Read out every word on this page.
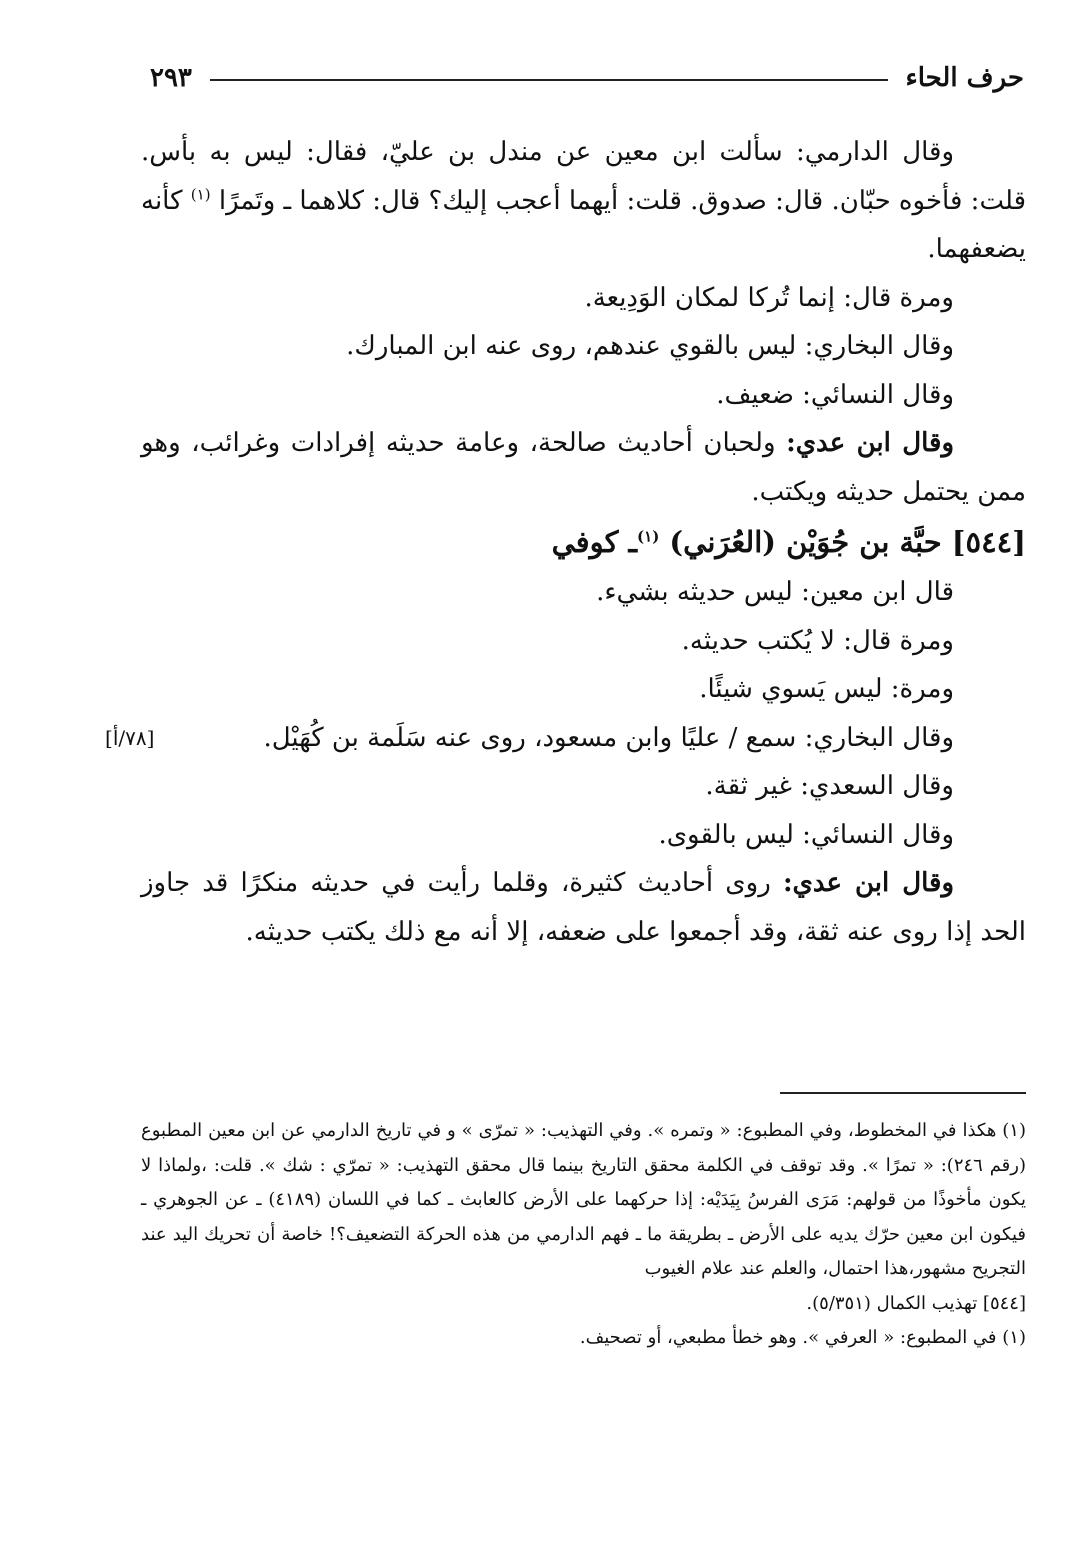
حرف الحاء
٢٩٣

وقال الدارمي: سألت ابن معين عن مندل بن عليّ، فقال: ليس به بأس. قلت: فأخوه حبّان. قال: صدوق. قلت: أيهما أعجب إليك؟ قال: كلاهما ـ وتَمرًا $^{(١)}$ كأنه يضعفهما.

ومرة قال: إنما تُركا لمكان الوَدِيعة.

وقال البخاري: ليس بالقوي عندهم، روى عنه ابن المبارك.

وقال النسائي: ضعيف.

وقال ابن عدي: ولحبان أحاديث صالحة، وعامة حديثه إفرادات وغرائب، وهو ممن يحتمل حديثه ويكتب.

[٥٤٤] حبَّة بن جُوَيْن (العُرَني) $^{(١)}$ـ كوفي

قال ابن معين: ليس حديثه بشيء.

ومرة قال: لا يُكتب حديثه.

ومرة: ليس يَسوي شيئًا.

وقال البخاري: سمع / عليًا وابن مسعود، روى عنه سَلَمة بن كُهَيْل.
[٧٨/أ]

وقال السعدي: غير ثقة.

وقال النسائي: ليس بالقوى.

وقال ابن عدي: روى أحاديث كثيرة، وقلما رأيت في حديثه منكرًا قد جاوز الحد إذا روى عنه ثقة، وقد أجمعوا على ضعفه، إلا أنه مع ذلك يكتب حديثه.

(١) هكذا في المخطوط، وفي المطبوع: « وتمره ». وفي التهذيب: « تمرّى » و في تاريخ الدارمي عن ابن معين المطبوع (رقم ٢٤٦): « تمرًا ». وقد توقف في الكلمة محقق التاريخ بينما قال محقق التهذيب: « تمرّي : شك ». قلت: ،ولماذا لا يكون مأخوذًا من قولهم: مَرَى الفرسُ بِيَدَيْه: إذا حركهما على الأرض كالعابث ـ كما في اللسان (٤١٨٩) ـ عن الجوهري ـ فيكون ابن معين حرّك يديه على الأرض ـ بطريقة ما ـ فهم الدارمي من هذه الحركة التضعيف؟! خاصة أن تحريك اليد عند التجريح مشهور،هذا احتمال، والعلم عند علام الغيوب

[٥٤٤] تهذيب الكمال (٥/٣٥١).

(١) في المطبوع: « العرفي ». وهو خطأ مطبعي، أو تصحيف.
